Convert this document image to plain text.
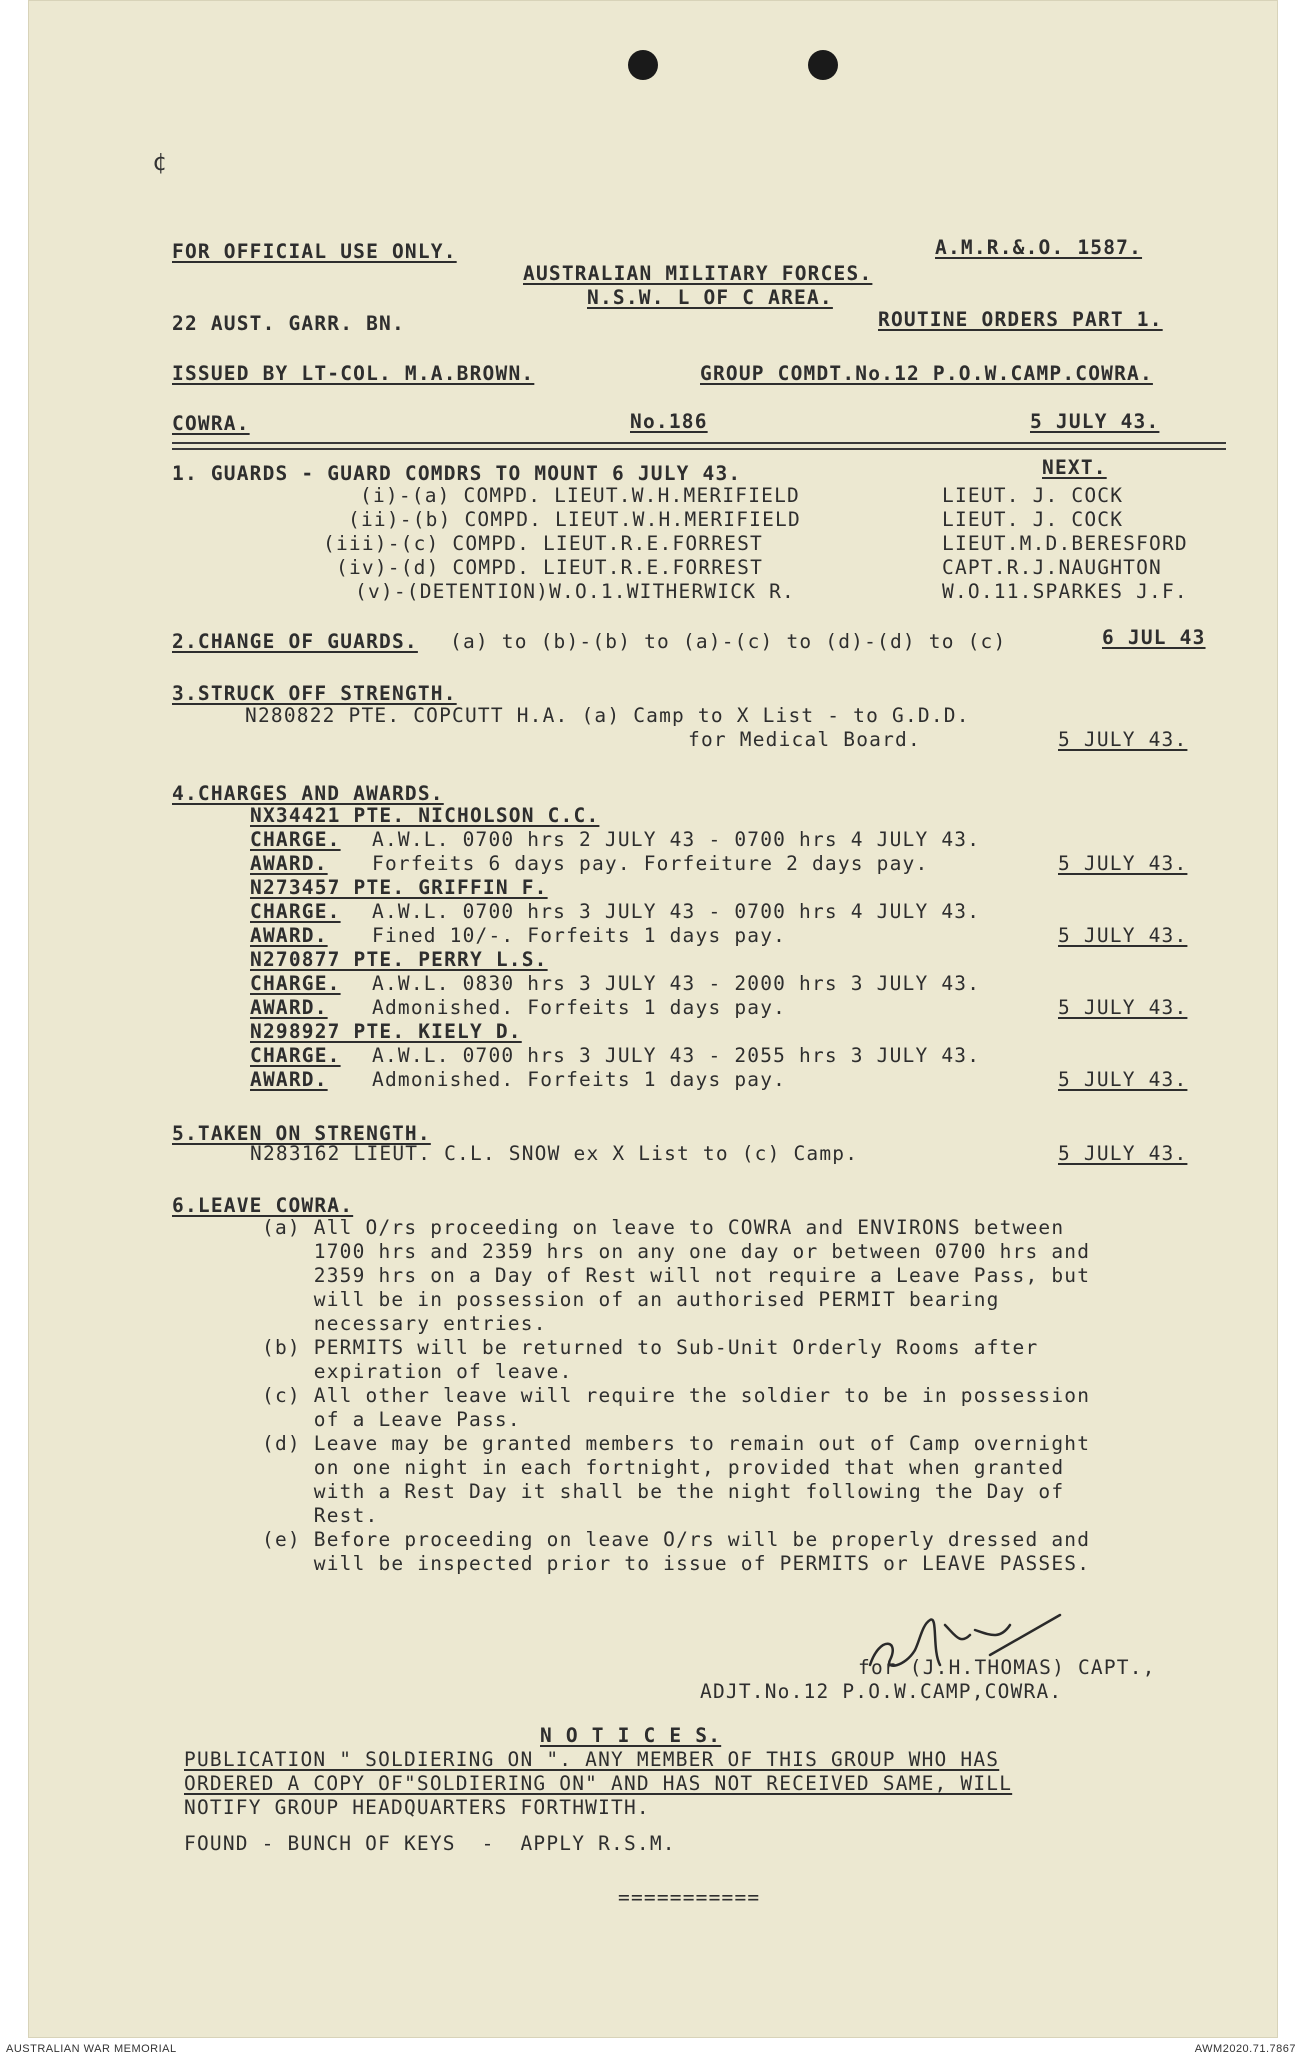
¢
FOR OFFICIAL USE ONLY.	A.M.R.&.O. 1587.
AUSTRALIAN MILITARY FORCES.
N.S.W. L OF C AREA.
22 AUST. GARR. BN.	ROUTINE ORDERS PART 1.
ISSUED BY LT-COL. M.A.BROWN.	GROUP COMDT.No.12 P.O.W.CAMP.COWRA.
COWRA.	No.186	5 JULY 43.
1. GUARDS - GUARD COMDRS TO MOUNT 6 JULY 43.	NEXT.
(i)-(a) COMPD. LIEUT.W.H.MERIFIELD	LIEUT. J. COCK
(ii)-(b) COMPD. LIEUT.W.H.MERIFIELD	LIEUT. J. COCK
(iii)-(c) COMPD. LIEUT.R.E.FORREST	LIEUT.M.D.BERESFORD
(iv)-(d) COMPD. LIEUT.R.E.FORREST	CAPT.R.J.NAUGHTON
(v)-(DETENTION)W.O.1.WITHERWICK R.	W.O.11.SPARKES J.F.
2.CHANGE OF GUARDS. (a) to (b)-(b) to (a)-(c) to (d)-(d) to (c)	6 JUL 43
3.STRUCK OFF STRENGTH.
N280822 PTE. COPCUTT H.A. (a) Camp to X List - to G.D.D.
for Medical Board.	5 JULY 43.
4.CHARGES AND AWARDS.
NX34421 PTE. NICHOLSON C.C.
CHARGE. A.W.L. 0700 hrs 2 JULY 43 - 0700 hrs 4 JULY 43.
AWARD. Forfeits 6 days pay. Forfeiture 2 days pay.	5 JULY 43.
N273457 PTE. GRIFFIN F.
CHARGE. A.W.L. 0700 hrs 3 JULY 43 - 0700 hrs 4 JULY 43.
AWARD. Fined 10/-. Forfeits 1 days pay.	5 JULY 43.
N270877 PTE. PERRY L.S.
CHARGE. A.W.L. 0830 hrs 3 JULY 43 - 2000 hrs 3 JULY 43.
AWARD. Admonished. Forfeits 1 days pay.	5 JULY 43.
N298927 PTE. KIELY D.
CHARGE. A.W.L. 0700 hrs 3 JULY 43 - 2055 hrs 3 JULY 43.
AWARD. Admonished. Forfeits 1 days pay.	5 JULY 43.
5.TAKEN ON STRENGTH.
N283162 LIEUT. C.L. SNOW ex X List to (c) Camp.	5 JULY 43.
6.LEAVE COWRA.
(a) All O/rs proceeding on leave to COWRA and ENVIRONS between
1700 hrs and 2359 hrs on any one day or between 0700 hrs and
2359 hrs on a Day of Rest will not require a Leave Pass, but
will be in possession of an authorised PERMIT bearing
necessary entries.
(b) PERMITS will be returned to Sub-Unit Orderly Rooms after
expiration of leave.
(c) All other leave will require the soldier to be in possession
of a Leave Pass.
(d) Leave may be granted members to remain out of Camp overnight
on one night in each fortnight, provided that when granted
with a Rest Day it shall be the night following the Day of
Rest.
(e) Before proceeding on leave O/rs will be properly dressed and
will be inspected prior to issue of PERMITS or LEAVE PASSES.
for (J.H.THOMAS) CAPT.,
ADJT.No.12 P.O.W.CAMP,COWRA.
N O T I C E S.
PUBLICATION " SOLDIERING ON ". ANY MEMBER OF THIS GROUP WHO HAS
ORDERED A COPY OF"SOLDIERING ON" AND HAS NOT RECEIVED SAME, WILL
NOTIFY GROUP HEADQUARTERS FORTHWITH.
FOUND - BUNCH OF KEYS  -  APPLY R.S.M.
===========
AUSTRALIAN WAR MEMORIAL	AWM2020.71.7867
